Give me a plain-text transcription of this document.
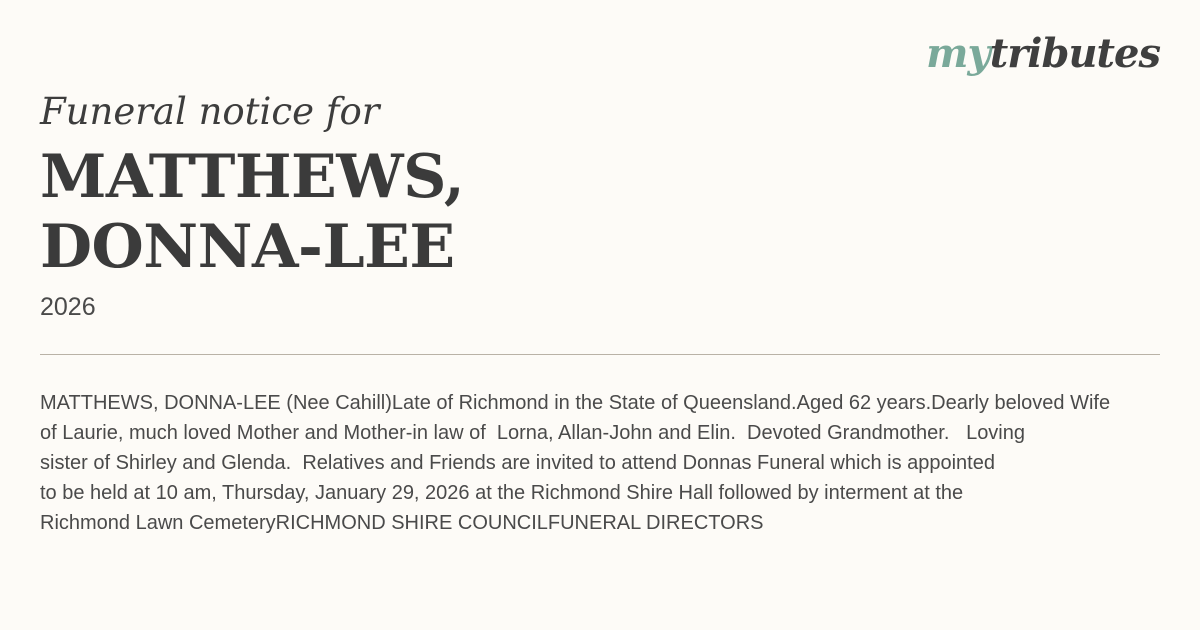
mytributes
Funeral notice for
MATTHEWS,
DONNA-LEE
2026
MATTHEWS, DONNA-LEE (Nee Cahill)Late of Richmond in the State of Queensland.Aged 62 years.Dearly beloved Wife
of Laurie, much loved Mother and Mother-in law of  Lorna, Allan-John and Elin.  Devoted Grandmother.   Loving
sister of Shirley and Glenda.  Relatives and Friends are invited to attend Donnas Funeral which is appointed
to be held at 10 am, Thursday, January 29, 2026 at the Richmond Shire Hall followed by interment at the
Richmond Lawn CemeteryRICHMOND SHIRE COUNCILFUNERAL DIRECTORS
